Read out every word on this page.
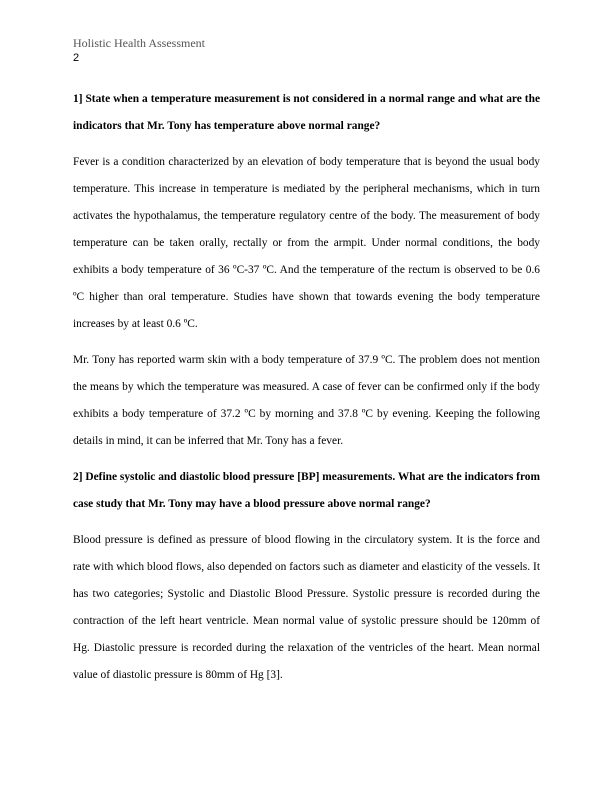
Holistic Health Assessment
2

1] State when a temperature measurement is not considered in a normal range and what are the indicators that Mr. Tony has temperature above normal range?

Fever is a condition characterized by an elevation of body temperature that is beyond the usual body temperature. This increase in temperature is mediated by the peripheral mechanisms, which in turn activates the hypothalamus, the temperature regulatory centre of the body. The measurement of body temperature can be taken orally, rectally or from the armpit. Under normal conditions, the body exhibits a body temperature of 36 ºC-37 ºC. And the temperature of the rectum is observed to be 0.6 ºC higher than oral temperature. Studies have shown that towards evening the body temperature increases by at least 0.6 ºC.

Mr. Tony has reported warm skin with a body temperature of 37.9 ºC. The problem does not mention the means by which the temperature was measured. A case of fever can be confirmed only if the body exhibits a body temperature of 37.2 ºC by morning and 37.8 ºC by evening. Keeping the following details in mind, it can be inferred that Mr. Tony has a fever.

2] Define systolic and diastolic blood pressure [BP] measurements. What are the indicators from case study that Mr. Tony may have a blood pressure above normal range?

Blood pressure is defined as pressure of blood flowing in the circulatory system. It is the force and rate with which blood flows, also depended on factors such as diameter and elasticity of the vessels. It has two categories; Systolic and Diastolic Blood Pressure. Systolic pressure is recorded during the contraction of the left heart ventricle. Mean normal value of systolic pressure should be 120mm of Hg. Diastolic pressure is recorded during the relaxation of the ventricles of the heart. Mean normal value of diastolic pressure is 80mm of Hg [3].
